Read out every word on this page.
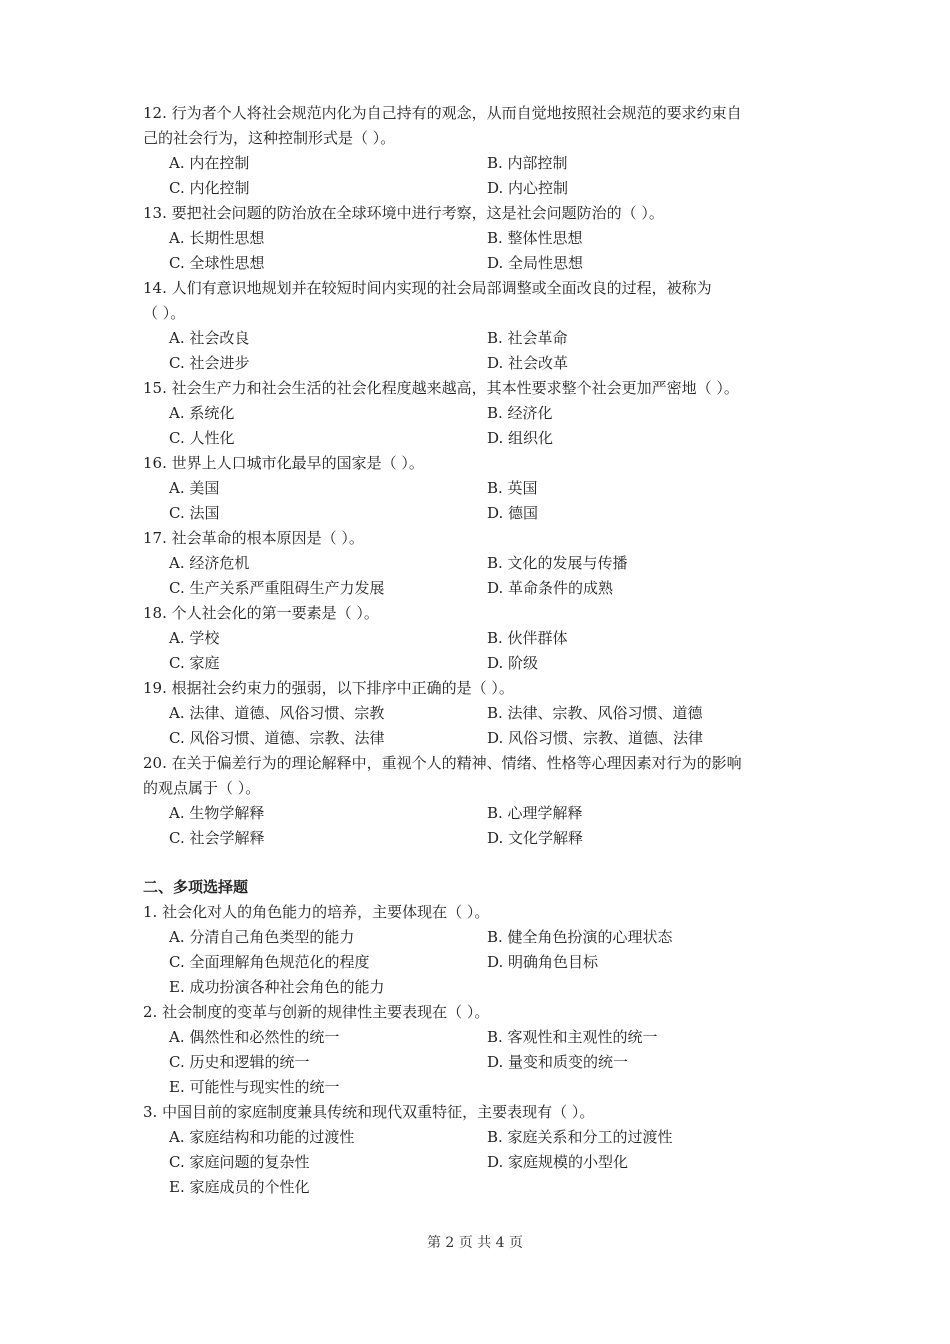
12. 行为者个人将社会规范内化为自己持有的观念，从而自觉地按照社会规范的要求约束自
己的社会行为，这种控制形式是（ ）。
A. 内在控制	B. 内部控制
C. 内化控制	D. 内心控制
13. 要把社会问题的防治放在全球环境中进行考察，这是社会问题防治的（ ）。
A. 长期性思想	B. 整体性思想
C. 全球性思想	D. 全局性思想
14. 人们有意识地规划并在较短时间内实现的社会局部调整或全面改良的过程，被称为
（ ）。
A. 社会改良	B. 社会革命
C. 社会进步	D. 社会改革
15. 社会生产力和社会生活的社会化程度越来越高，其本性要求整个社会更加严密地（ ）。
A. 系统化	B. 经济化
C. 人性化	D. 组织化
16. 世界上人口城市化最早的国家是（ ）。
A. 美国	B. 英国
C. 法国	D. 德国
17. 社会革命的根本原因是（ ）。
A. 经济危机	B. 文化的发展与传播
C. 生产关系严重阻碍生产力发展	D. 革命条件的成熟
18. 个人社会化的第一要素是（ ）。
A. 学校	B. 伙伴群体
C. 家庭	D. 阶级
19. 根据社会约束力的强弱，以下排序中正确的是（ ）。
A. 法律、道德、风俗习惯、宗教	B. 法律、宗教、风俗习惯、道德
C. 风俗习惯、道德、宗教、法律	D. 风俗习惯、宗教、道德、法律
20. 在关于偏差行为的理论解释中，重视个人的精神、情绪、性格等心理因素对行为的影响
的观点属于（ ）。
A. 生物学解释	B. 心理学解释
C. 社会学解释	D. 文化学解释
二、多项选择题
1. 社会化对人的角色能力的培养，主要体现在（ ）。
A. 分清自己角色类型的能力	B. 健全角色扮演的心理状态
C. 全面理解角色规范化的程度	D. 明确角色目标
E. 成功扮演各种社会角色的能力
2. 社会制度的变革与创新的规律性主要表现在（ ）。
A. 偶然性和必然性的统一	B. 客观性和主观性的统一
C. 历史和逻辑的统一	D. 量变和质变的统一
E. 可能性与现实性的统一
3. 中国目前的家庭制度兼具传统和现代双重特征，主要表现有（ ）。
A. 家庭结构和功能的过渡性	B. 家庭关系和分工的过渡性
C. 家庭问题的复杂性	D. 家庭规模的小型化
E. 家庭成员的个性化
第 2 页 共 4 页
